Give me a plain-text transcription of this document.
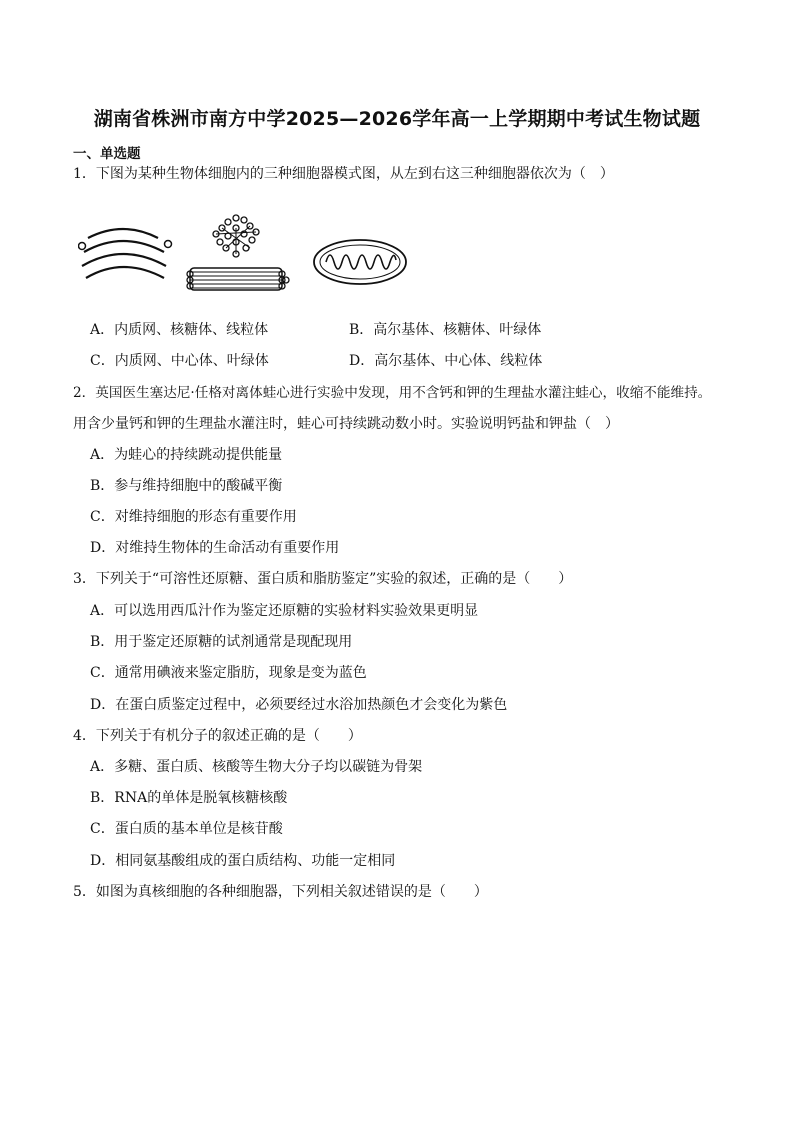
湖南省株洲市南方中学2025—2026学年高一上学期期中考试生物试题
一、单选题
1．下图为某种生物体细胞内的三种细胞器模式图，从左到右这三种细胞器依次为（　）
A．内质网、核糖体、线粒体	B．高尔基体、核糖体、叶绿体
C．内质网、中心体、叶绿体	D．高尔基体、中心体、线粒体
2．英国医生塞达尼·任格对离体蛙心进行实验中发现，用不含钙和钾的生理盐水灌注蛙心，收缩不能维持。
用含少量钙和钾的生理盐水灌注时，蛙心可持续跳动数小时。实验说明钙盐和钾盐（　）
A．为蛙心的持续跳动提供能量
B．参与维持细胞中的酸碱平衡
C．对维持细胞的形态有重要作用
D．对维持生物体的生命活动有重要作用
3．下列关于“可溶性还原糖、蛋白质和脂肪鉴定”实验的叙述，正确的是（　　）
A．可以选用西瓜汁作为鉴定还原糖的实验材料实验效果更明显
B．用于鉴定还原糖的试剂通常是现配现用
C．通常用碘液来鉴定脂肪，现象是变为蓝色
D．在蛋白质鉴定过程中，必须要经过水浴加热颜色才会变化为紫色
4．下列关于有机分子的叙述正确的是（　　）
A．多糖、蛋白质、核酸等生物大分子均以碳链为骨架
B．RNA的单体是脱氧核糖核酸
C．蛋白质的基本单位是核苷酸
D．相同氨基酸组成的蛋白质结构、功能一定相同
5．如图为真核细胞的各种细胞器，下列相关叙述错误的是（　　）
